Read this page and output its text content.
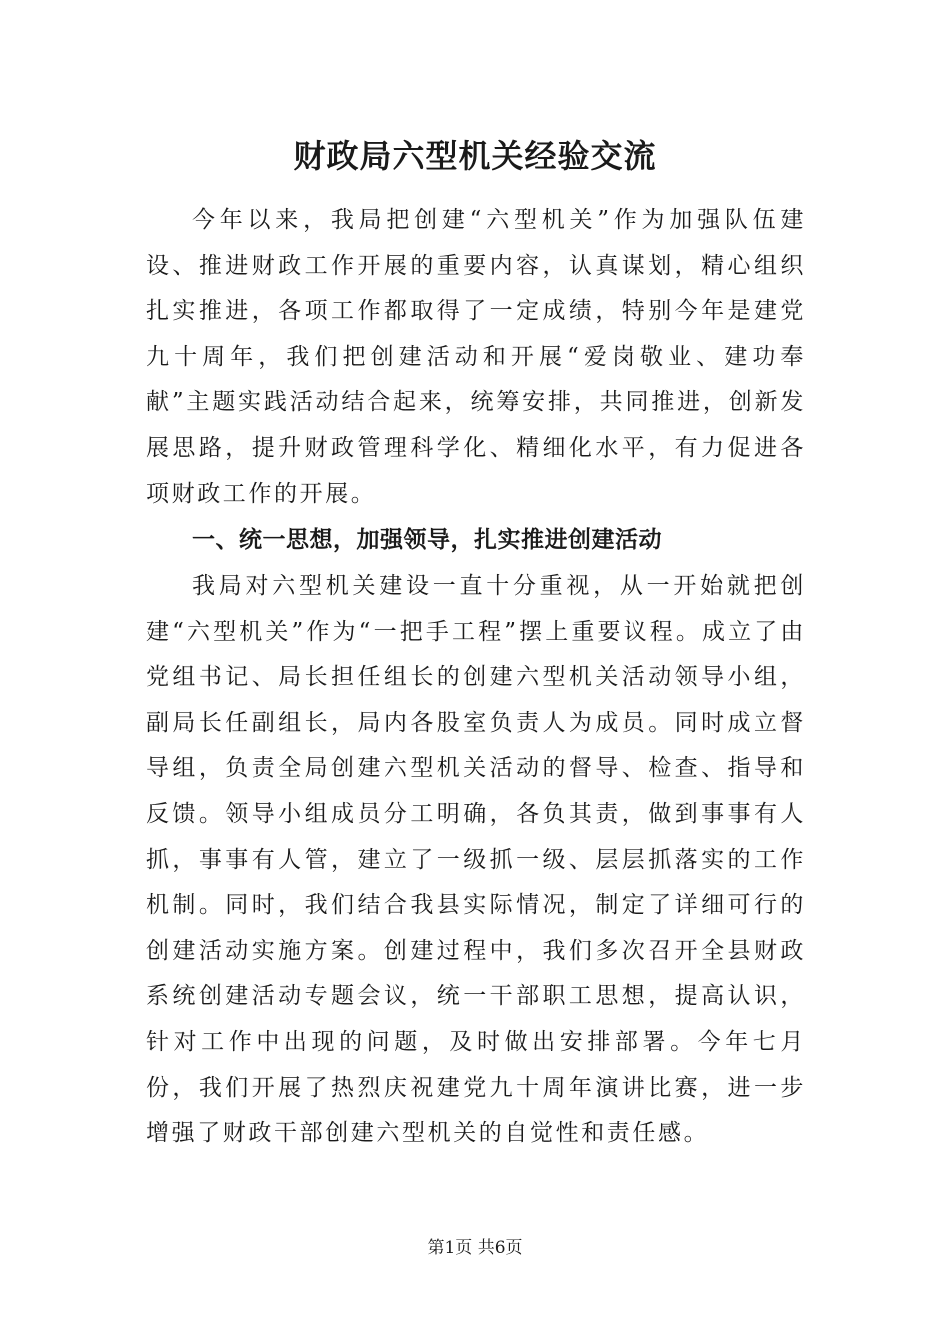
财政局六型机关经验交流

今年以来，我局把创建“六型机关”作为加强队伍建设、推进财政工作开展的重要内容，认真谋划，精心组织扎实推进，各项工作都取得了一定成绩，特别今年是建党九十周年，我们把创建活动和开展“爱岗敬业、建功奉献”主题实践活动结合起来，统筹安排，共同推进，创新发展思路，提升财政管理科学化、精细化水平，有力促进各项财政工作的开展。

一、统一思想，加强领导，扎实推进创建活动

我局对六型机关建设一直十分重视，从一开始就把创建“六型机关”作为“一把手工程”摆上重要议程。成立了由党组书记、局长担任组长的创建六型机关活动领导小组，副局长任副组长，局内各股室负责人为成员。同时成立督导组，负责全局创建六型机关活动的督导、检查、指导和反馈。领导小组成员分工明确，各负其责，做到事事有人抓，事事有人管，建立了一级抓一级、层层抓落实的工作机制。同时，我们结合我县实际情况，制定了详细可行的创建活动实施方案。创建过程中，我们多次召开全县财政系统创建活动专题会议，统一干部职工思想，提高认识，针对工作中出现的问题，及时做出安排部署。今年七月份，我们开展了热烈庆祝建党九十周年演讲比赛，进一步增强了财政干部创建六型机关的自觉性和责任感。

第1页 共6页
